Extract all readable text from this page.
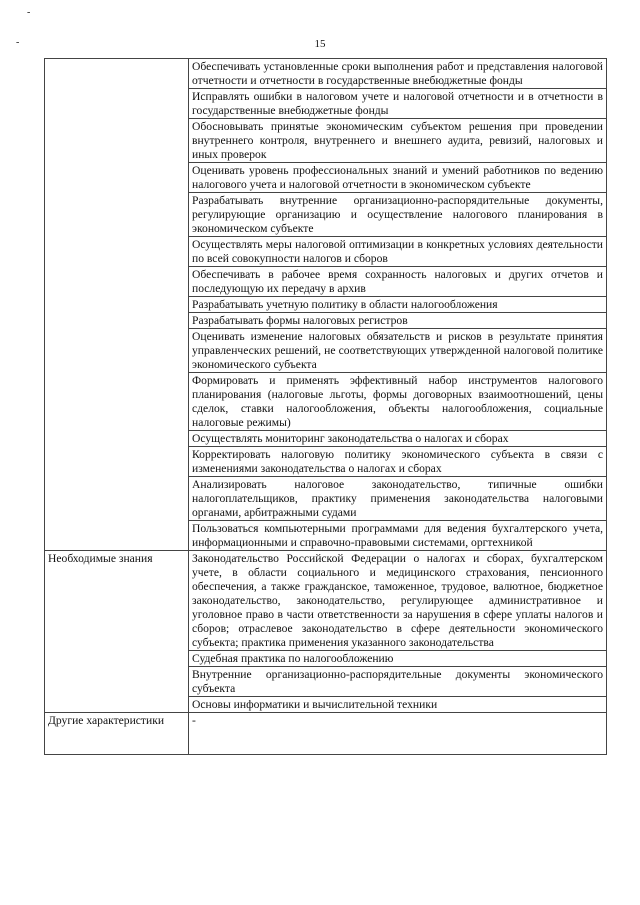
-
-	15
	Обеспечивать установленные сроки выполнения работ и представления налоговой отчетности и отчетности в государственные внебюджетные фонды
	Исправлять ошибки в налоговом учете и налоговой отчетности и в отчетности в государственные внебюджетные фонды
	Обосновывать принятые экономическим субъектом решения при проведении внутреннего контроля, внутреннего и внешнего аудита, ревизий, налоговых и иных проверок
	Оценивать уровень профессиональных знаний и умений работников по ведению налогового учета и налоговой отчетности в экономическом субъекте
	Разрабатывать внутренние организационно-распорядительные документы, регулирующие организацию и осуществление налогового планирования в экономическом субъекте
	Осуществлять меры налоговой оптимизации в конкретных условиях деятельности по всей совокупности налогов и сборов
	Обеспечивать в рабочее время сохранность налоговых и других отчетов и последующую их передачу в архив
	Разрабатывать учетную политику в области налогообложения
	Разрабатывать формы налоговых регистров
	Оценивать изменение налоговых обязательств и рисков в результате принятия управленческих решений, не соответствующих утвержденной налоговой политике экономического субъекта
	Формировать и применять эффективный набор инструментов налогового планирования (налоговые льготы, формы договорных взаимоотношений, цены сделок, ставки налогообложения, объекты налогообложения, социальные налоговые режимы)
	Осуществлять мониторинг законодательства о налогах и сборах
	Корректировать налоговую политику экономического субъекта в связи с изменениями законодательства о налогах и сборах
	Анализировать налоговое законодательство, типичные ошибки налогоплательщиков, практику применения законодательства налоговыми органами, арбитражными судами
	Пользоваться компьютерными программами для ведения бухгалтерского учета, информационными и справочно-правовыми системами, оргтехникой
Необходимые знания	Законодательство Российской Федерации о налогах и сборах, бухгалтерском учете, в области социального и медицинского страхования, пенсионного обеспечения, а также гражданское, таможенное, трудовое, валютное, бюджетное законодательство, законодательство, регулирующее административное и уголовное право в части ответственности за нарушения в сфере уплаты налогов и сборов; отраслевое законодательство в сфере деятельности экономического субъекта; практика применения указанного законодательства
	Судебная практика по налогообложению
	Внутренние организационно-распорядительные документы экономического субъекта
	Основы информатики и вычислительной техники
Другие характеристики	-
